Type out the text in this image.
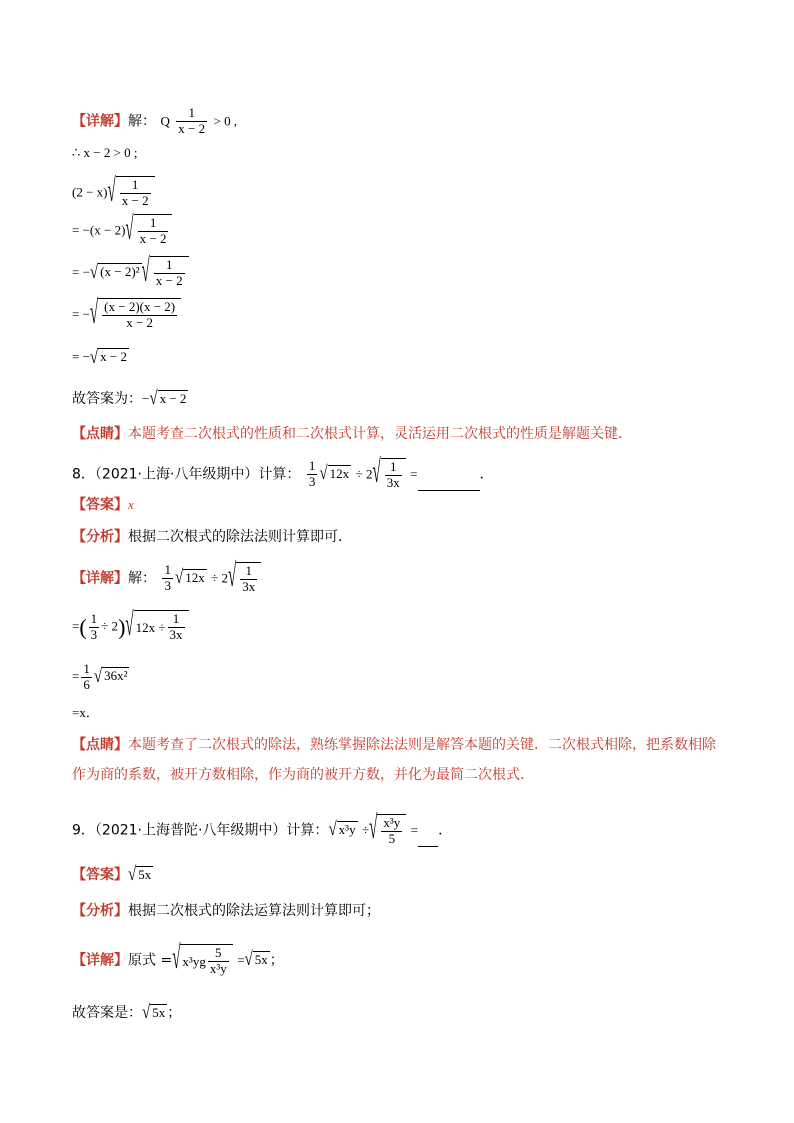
【详解】解： Q $\frac{1}{x - 2} > 0$ ,
∴ x − 2 > 0 ;
$(2 - x)√ \frac{1}{x - 2}$
= $-(x - 2)√ \frac{1}{x - 2}$
= −√ (x − 2)² √ $\frac{1}{x - 2}$
= −√ $\frac{(x - 2)(x - 2)}{x - 2}$
= −√ x − 2
故答案为：−√ x − 2
【点睛】本题考查二次根式的性质和二次根式计算，灵活运用二次根式的性质是解题关键．
8．（2021·上海·八年级期中）计算： $\frac{1}{3}$ √ $12x \div 2√ \frac{1}{3x}$ =	．
【答案】x
【分析】根据二次根式的除法法则计算即可．
【详解】解： $\frac{1}{3}$ √ $12x \div 2√ \frac{1}{3x}$
=( $\frac{1}{3} \div 2)√$ $12x \div \frac{1}{3x}$
= $\frac{1}{6}$ √ 36x²
=x．
【点睛】本题考查了二次根式的除法，熟练掌握除法法则是解答本题的关键．二次根式相除，把系数相除
作为商的系数，被开方数相除，作为商的被开方数，并化为最简二次根式．
9．（2021·上海普陀·八年级期中）计算：√ x³y ÷√ $\frac{\text{x³y}}{5}$ = ．
【答案】√ 5x
【分析】根据二次根式的除法运算法则计算即可；
【详解】原式 =√ $x^3yg \frac{5}{\text{x³y}}$ =√ 5x ；
故答案是：√ 5x ；
